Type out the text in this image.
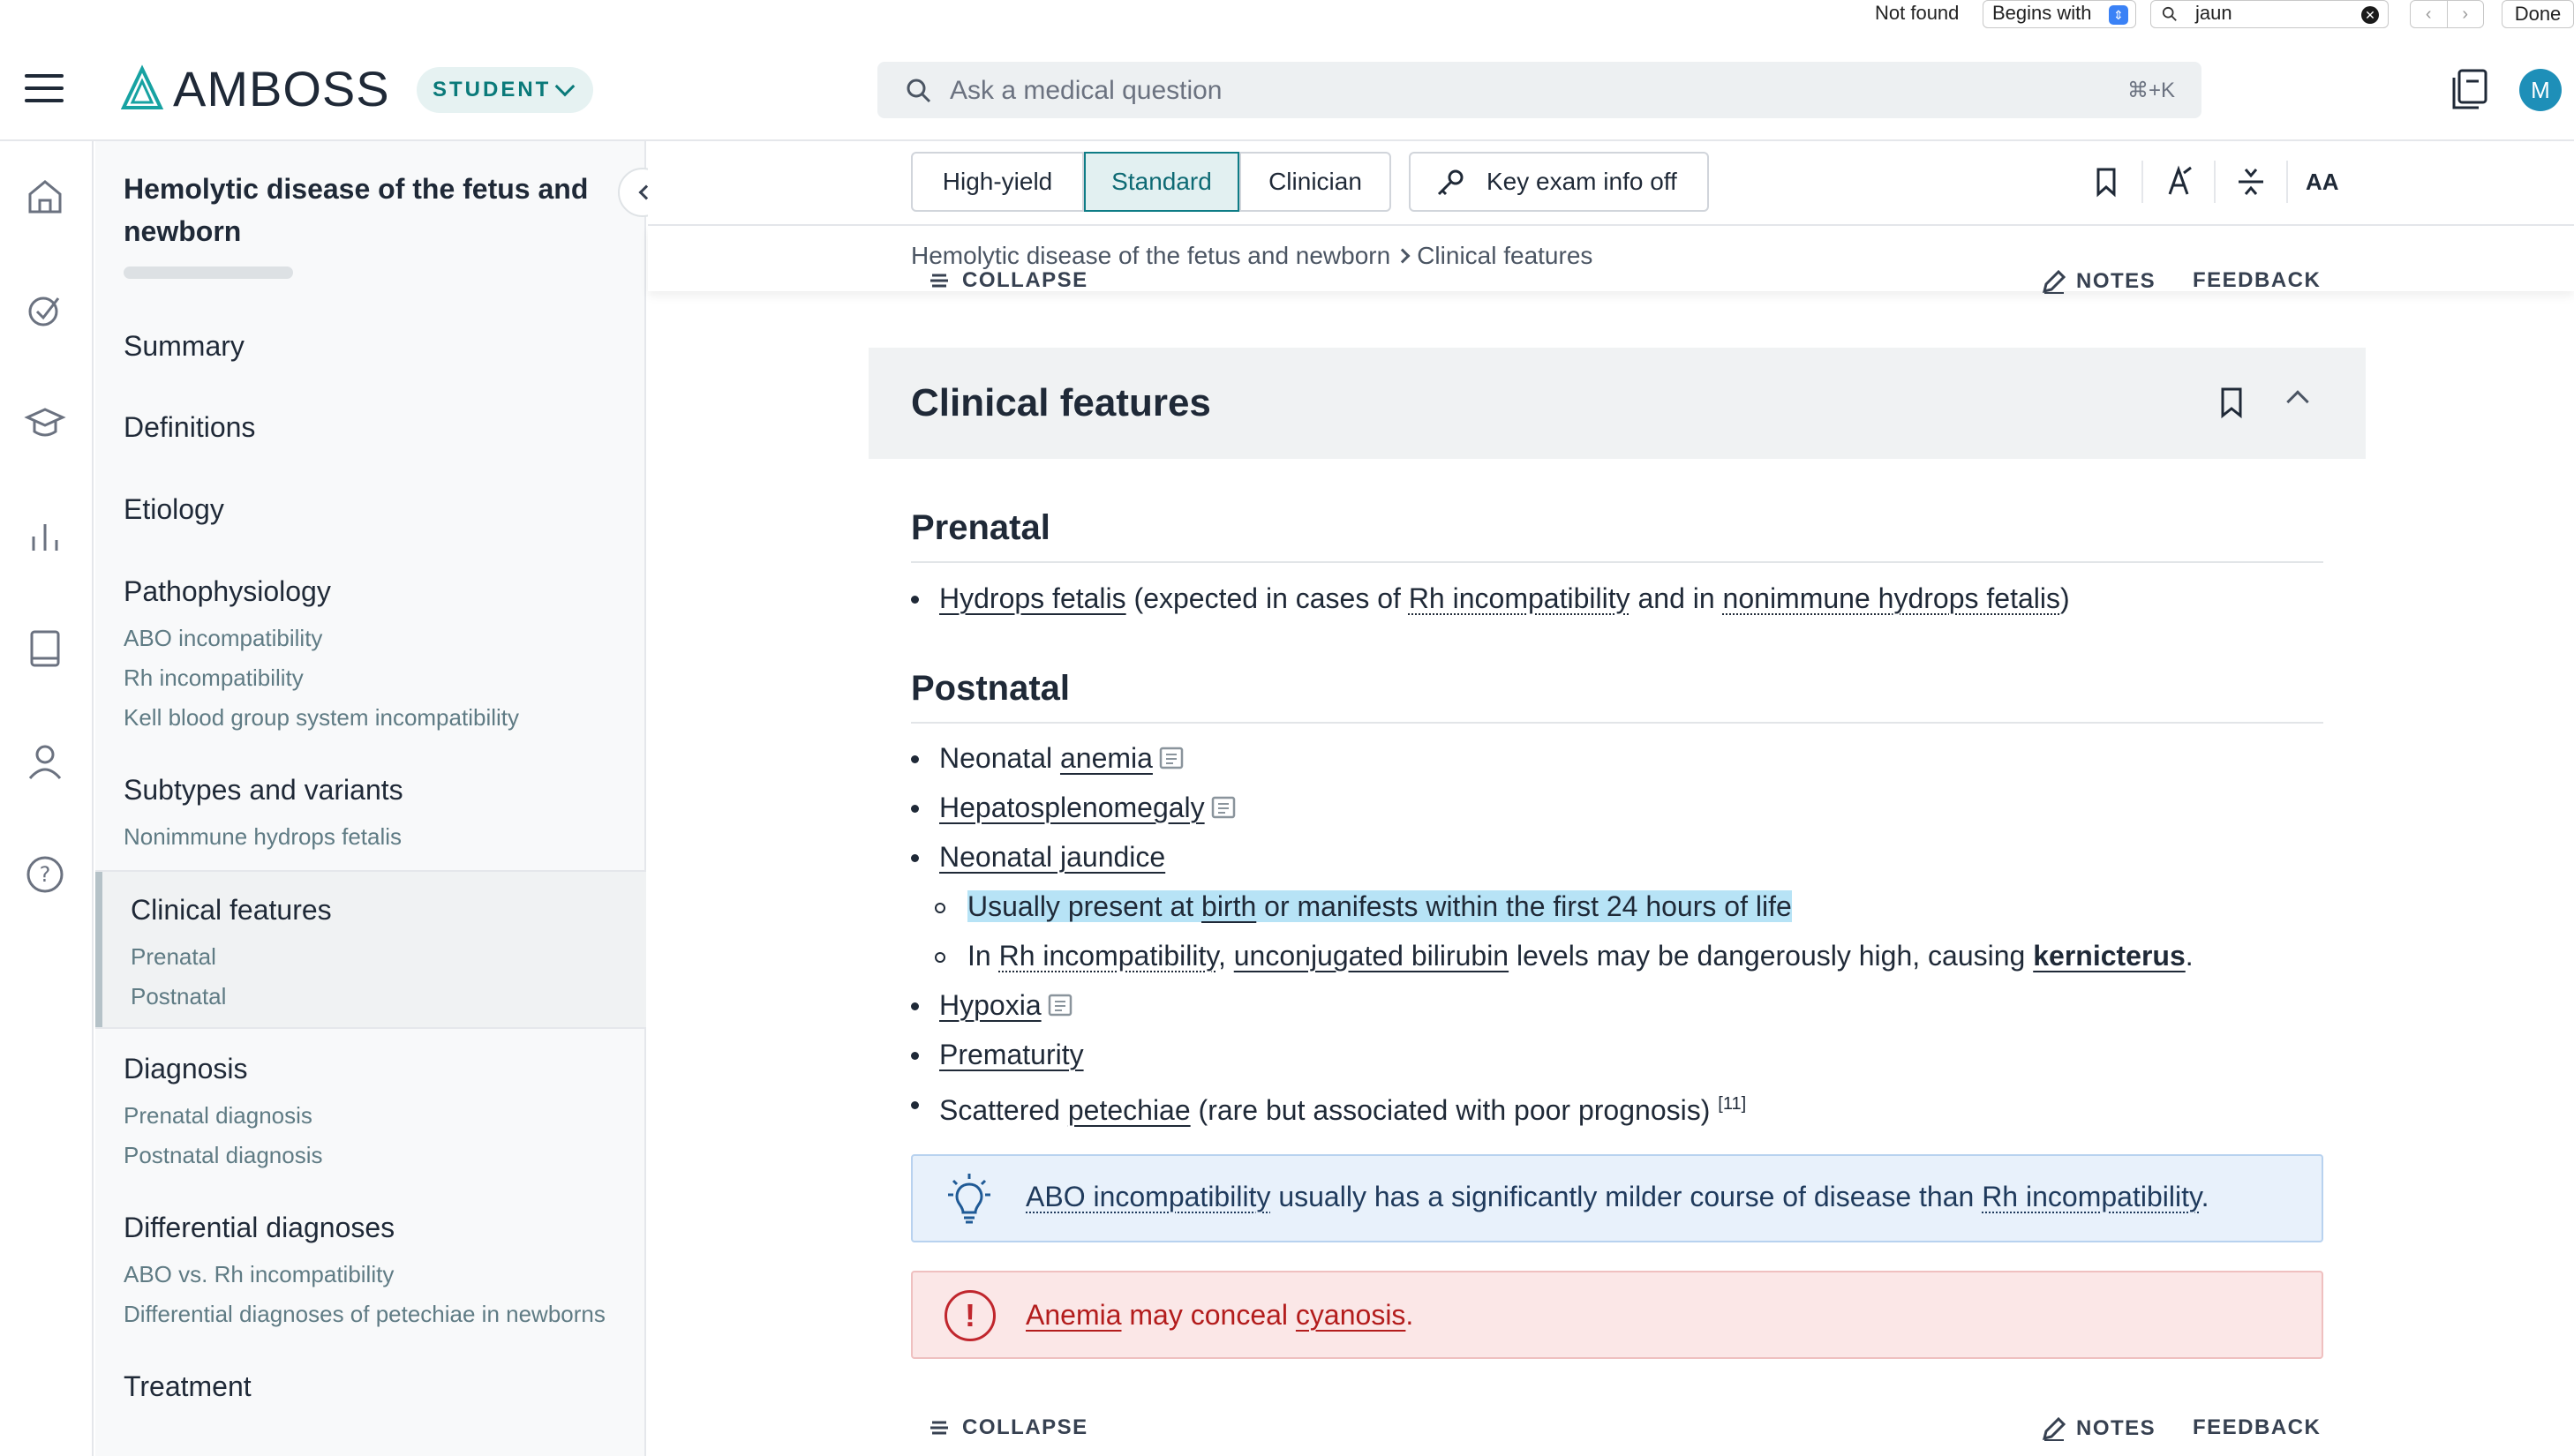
Not found	Begins with	⇕	jaun	✕	‹	›	Done
AMBOSS	STUDENT	Ask a medical question	⌘+K	M
?
Hemolytic disease of the fetus and newborn
Summary
Definitions
Etiology
Pathophysiology
ABO incompatibility
Rh incompatibility
Kell blood group system incompatibility
Subtypes and variants
Nonimmune hydrops fetalis
Clinical features
Prenatal
Postnatal
Diagnosis
Prenatal diagnosis
Postnatal diagnosis
Differential diagnoses
ABO vs. Rh incompatibility
Differential diagnoses of petechiae in newborns
Treatment
High-yield	Standard	Clinician	Key exam info off	AA
Hemolytic disease of the fetus and newborn Clinical features
COLLAPSE	NOTES FEEDBACK
Clinical features
Prenatal
Hydrops fetalis (expected in cases of Rh incompatibility and in nonimmune hydrops fetalis)
Postnatal
Neonatal anemia
Hepatosplenomegaly
Neonatal jaundice
Usually present at birth or manifests within the first 24 hours of life
In Rh incompatibility, unconjugated bilirubin levels may be dangerously high, causing kernicterus.
Hypoxia
Prematurity
Scattered petechiae (rare but associated with poor prognosis) [11]
ABO incompatibility usually has a significantly milder course of disease than Rh incompatibility.
!	Anemia may conceal cyanosis.
COLLAPSE	NOTES FEEDBACK
